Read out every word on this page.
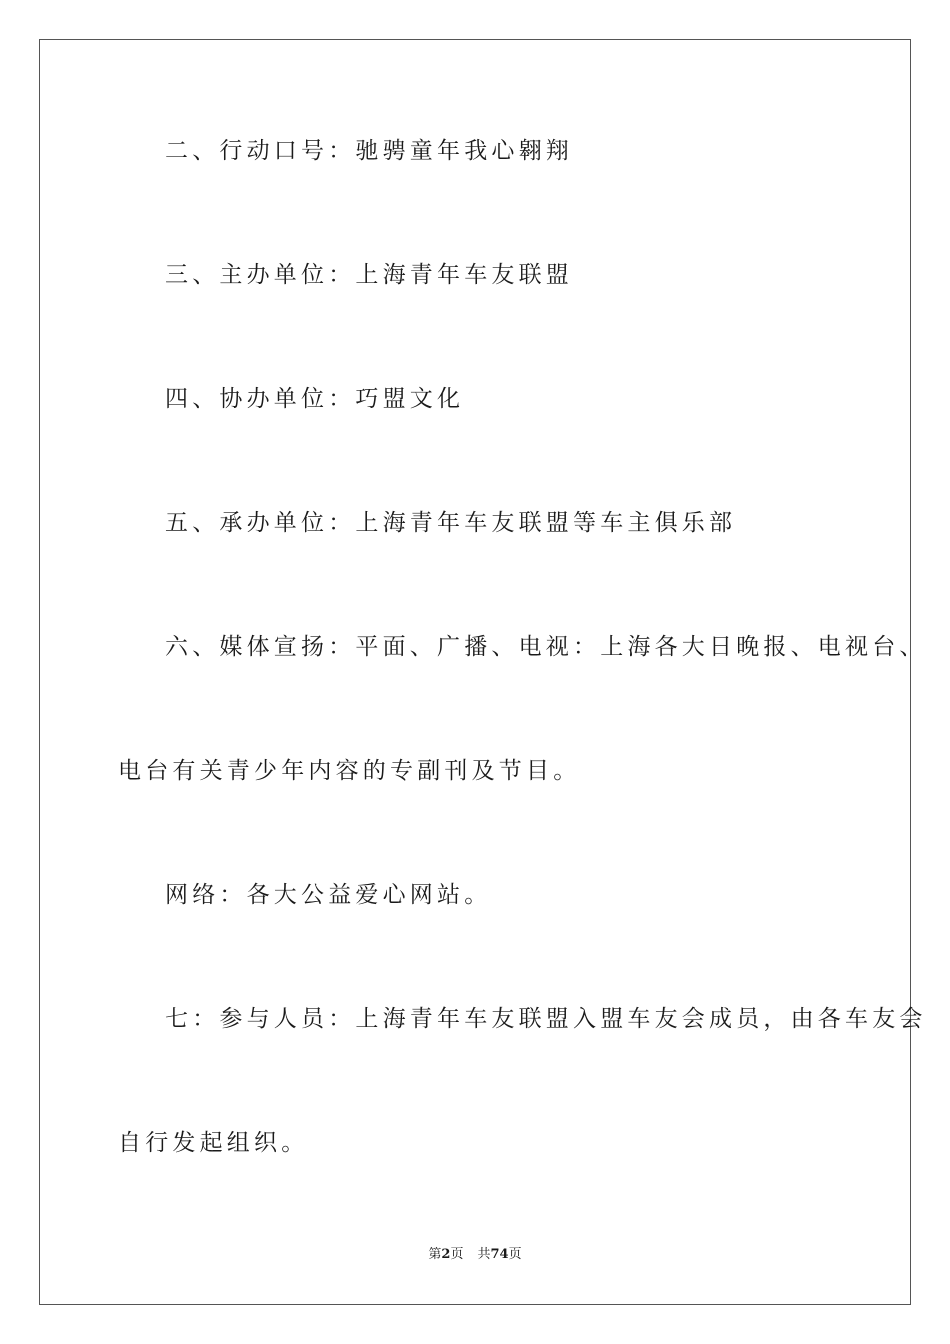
二、行动口号：驰骋童年我心翱翔
三、主办单位：上海青年车友联盟
四、协办单位：巧盟文化
五、承办单位：上海青年车友联盟等车主俱乐部
六、媒体宣扬：平面、广播、电视：上海各大日晚报、电视台、
电台有关青少年内容的专副刊及节目。
网络：各大公益爱心网站。
七：参与人员：上海青年车友联盟入盟车友会成员，由各车友会
自行发起组织。
第2页 共74页
